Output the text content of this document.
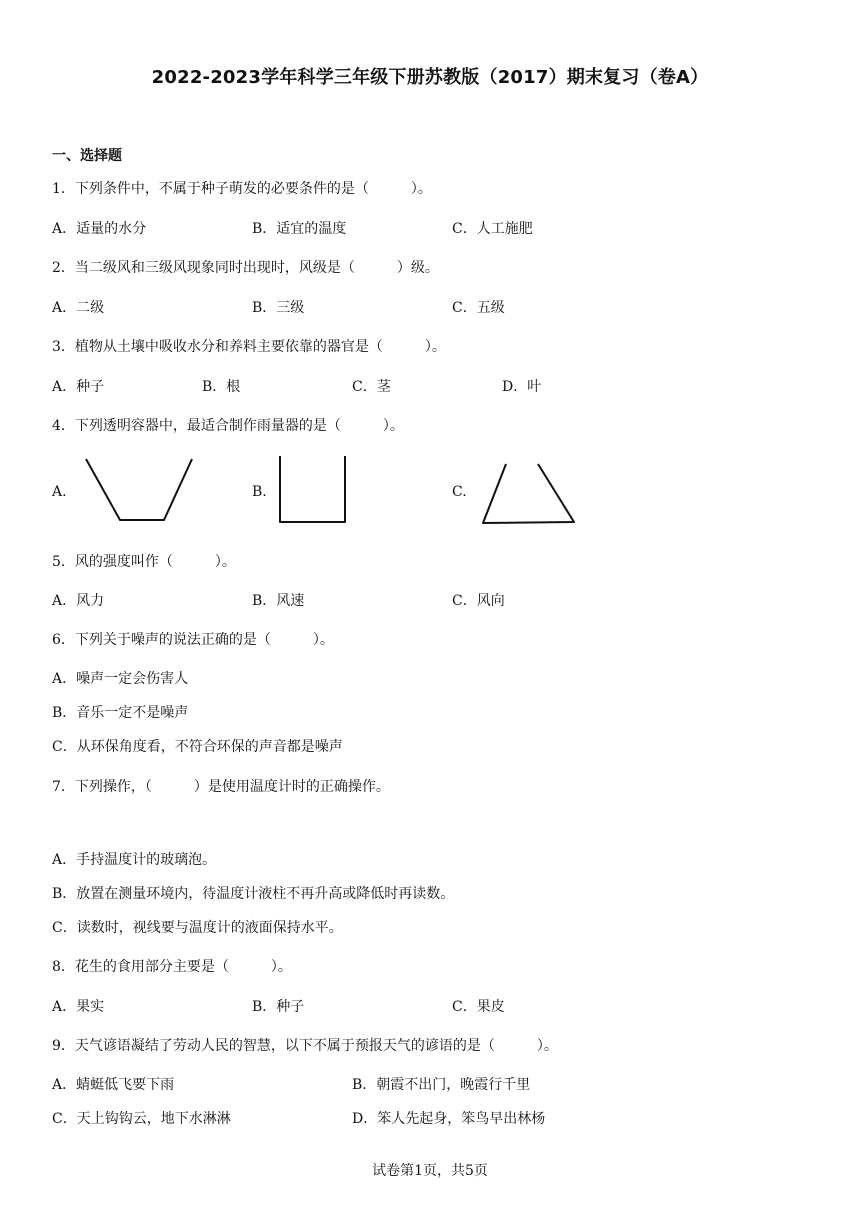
2022-2023学年科学三年级下册苏教版（2017）期末复习（卷A）
一、选择题
1．下列条件中，不属于种子萌发的必要条件的是（　　　）。
A．适量的水分	B．适宜的温度	C．人工施肥
2．当二级风和三级风现象同时出现时，风级是（　　　）级。
A．二级	B．三级	C．五级
3．植物从土壤中吸收水分和养料主要依靠的器官是（　　　）。
A．种子	B．根	C．茎	D．叶
4．下列透明容器中，最适合制作雨量器的是（　　　）。
A.	B.	C.
5．风的强度叫作（　　　）。
A．风力	B．风速	C．风向
6．下列关于噪声的说法正确的是（　　　）。
A．噪声一定会伤害人
B．音乐一定不是噪声
C．从环保角度看，不符合环保的声音都是噪声
7．下列操作，（　　　）是使用温度计时的正确操作。
A．手持温度计的玻璃泡。
B．放置在测量环境内，待温度计液柱不再升高或降低时再读数。
C．读数时，视线要与温度计的液面保持水平。
8．花生的食用部分主要是（　　　）。
A．果实	B．种子	C．果皮
9．天气谚语凝结了劳动人民的智慧，以下不属于预报天气的谚语的是（　　　）。
A．蜻蜓低飞要下雨	B．朝霞不出门，晚霞行千里
C．天上钩钩云，地下水淋淋	D．笨人先起身，笨鸟早出林杨
试卷第1页，共5页
